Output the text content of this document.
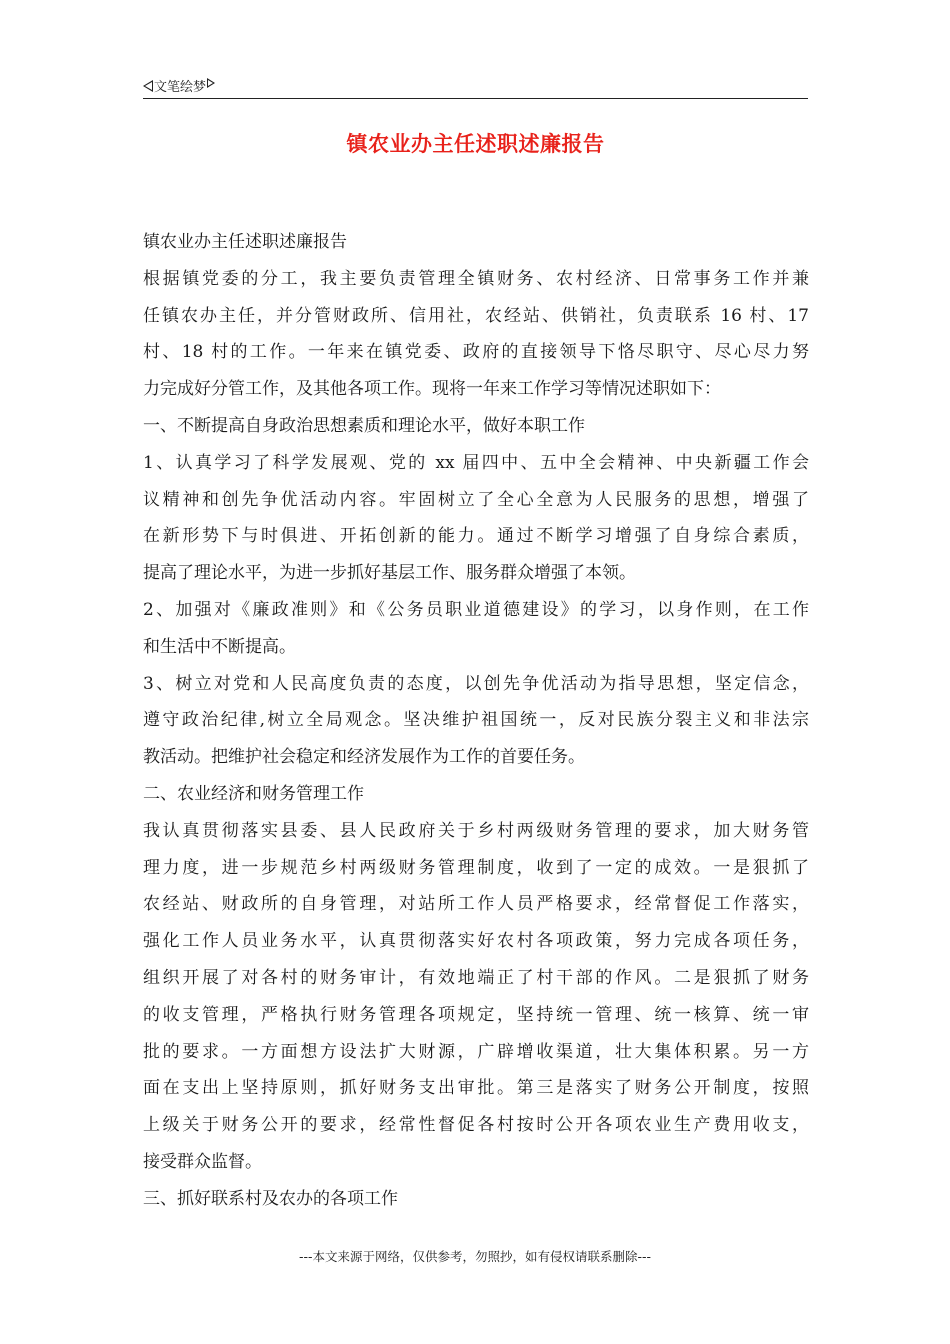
文笔绘梦
镇农业办主任述职述廉报告
镇农业办主任述职述廉报告
根据镇党委的分工，我主要负责管理全镇财务、农村经济、日常事务工作并兼
任镇农办主任，并分管财政所、信用社，农经站、供销社，负责联系 16 村、17
村、18 村的工作。一年来在镇党委、政府的直接领导下恪尽职守、尽心尽力努
力完成好分管工作，及其他各项工作。现将一年来工作学习等情况述职如下：
一、不断提高自身政治思想素质和理论水平，做好本职工作
1、认真学习了科学发展观、党的 xx 届四中、五中全会精神、中央新疆工作会
议精神和创先争优活动内容。牢固树立了全心全意为人民服务的思想，增强了
在新形势下与时俱进、开拓创新的能力。通过不断学习增强了自身综合素质，
提高了理论水平，为进一步抓好基层工作、服务群众增强了本领。
2、加强对《廉政准则》和《公务员职业道德建设》的学习，以身作则，在工作
和生活中不断提高。
3、树立对党和人民高度负责的态度，以创先争优活动为指导思想，坚定信念，
遵守政治纪律,树立全局观念。坚决维护祖国统一，反对民族分裂主义和非法宗
教活动。把维护社会稳定和经济发展作为工作的首要任务。
二、农业经济和财务管理工作
我认真贯彻落实县委、县人民政府关于乡村两级财务管理的要求，加大财务管
理力度，进一步规范乡村两级财务管理制度，收到了一定的成效。一是狠抓了
农经站、财政所的自身管理，对站所工作人员严格要求，经常督促工作落实，
强化工作人员业务水平，认真贯彻落实好农村各项政策，努力完成各项任务，
组织开展了对各村的财务审计，有效地端正了村干部的作风。二是狠抓了财务
的收支管理，严格执行财务管理各项规定，坚持统一管理、统一核算、统一审
批的要求。一方面想方设法扩大财源，广辟增收渠道，壮大集体积累。另一方
面在支出上坚持原则，抓好财务支出审批。第三是落实了财务公开制度，按照
上级关于财务公开的要求，经常性督促各村按时公开各项农业生产费用收支，
接受群众监督。
三、抓好联系村及农办的各项工作
---本文来源于网络，仅供参考，勿照抄，如有侵权请联系删除---
